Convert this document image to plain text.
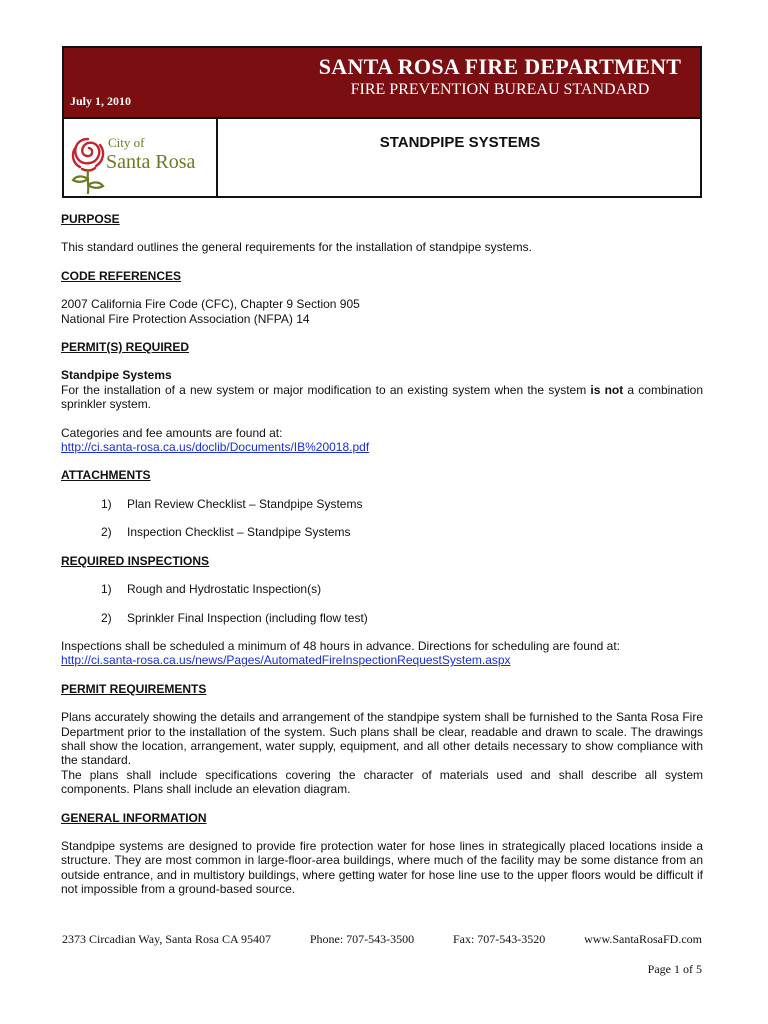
SANTA ROSA FIRE DEPARTMENT
FIRE PREVENTION BUREAU STANDARD
July 1, 2010
City of
Santa Rosa
STANDPIPE SYSTEMS

PURPOSE

This standard outlines the general requirements for the installation of standpipe systems.

CODE REFERENCES

2007 California Fire Code (CFC), Chapter 9 Section 905

National Fire Protection Association (NFPA) 14

PERMIT(S) REQUIRED

Standpipe Systems

For the installation of a new system or major modification to an existing system when the system is not a combination sprinkler system.

Categories and fee amounts are found at:

http://ci.santa-rosa.ca.us/doclib/Documents/IB%20018.pdf

ATTACHMENTS

1) Plan Review Checklist – Standpipe Systems

2) Inspection Checklist – Standpipe Systems

REQUIRED INSPECTIONS

1) Rough and Hydrostatic Inspection(s)

2) Sprinkler Final Inspection (including flow test)

Inspections shall be scheduled a minimum of 48 hours in advance. Directions for scheduling are found at:

http://ci.santa-rosa.ca.us/news/Pages/AutomatedFireInspectionRequestSystem.aspx

PERMIT REQUIREMENTS

Plans accurately showing the details and arrangement of the standpipe system shall be furnished to the Santa Rosa Fire Department prior to the installation of the system. Such plans shall be clear, readable and drawn to scale. The drawings shall show the location, arrangement, water supply, equipment, and all other details necessary to show compliance with the standard.

The plans shall include specifications covering the character of materials used and shall describe all system components. Plans shall include an elevation diagram.

GENERAL INFORMATION

Standpipe systems are designed to provide fire protection water for hose lines in strategically placed locations inside a structure. They are most common in large-floor-area buildings, where much of the facility may be some distance from an outside entrance, and in multistory buildings, where getting water for hose line use to the upper floors would be difficult if not impossible from a ground-based source.

2373 Circadian Way, Santa Rosa CA 95407	Phone: 707-543-3500	Fax: 707-543-3520	www.SantaRosaFD.com
Page 1 of 5
